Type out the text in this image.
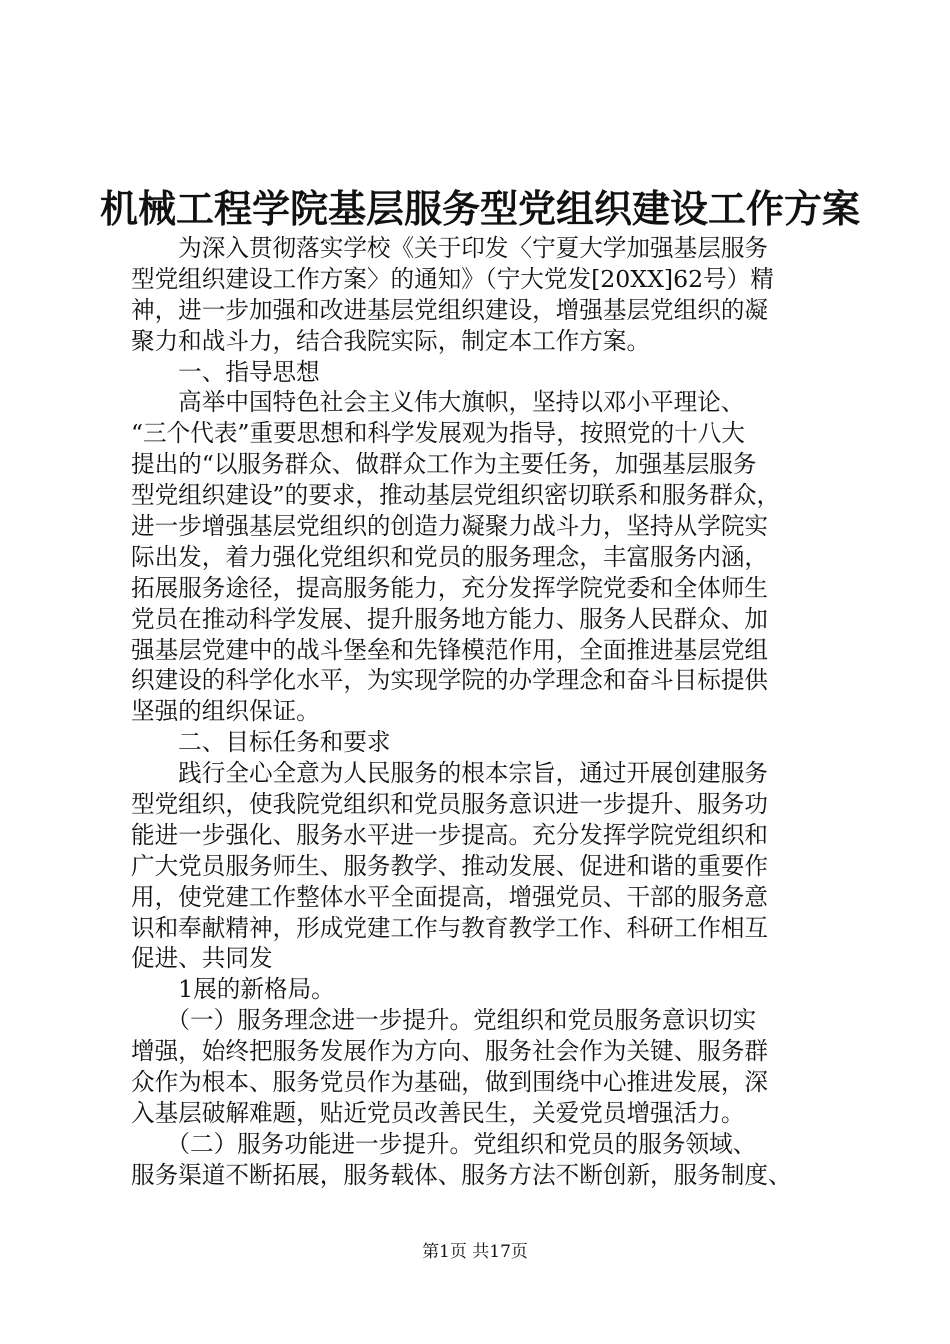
机械工程学院基层服务型党组织建设工作方案
　　为深入贯彻落实学校《关于印发〈宁夏大学加强基层服务
型党组织建设工作方案〉的通知》（宁大党发[20XX]62号）精
神，进一步加强和改进基层党组织建设，增强基层党组织的凝
聚力和战斗力，结合我院实际，制定本工作方案。
　　一、指导思想
　　高举中国特色社会主义伟大旗帜，坚持以邓小平理论、
“三个代表”重要思想和科学发展观为指导，按照党的十八大
提出的“以服务群众、做群众工作为主要任务，加强基层服务
型党组织建设”的要求，推动基层党组织密切联系和服务群众，
进一步增强基层党组织的创造力凝聚力战斗力，坚持从学院实
际出发，着力强化党组织和党员的服务理念，丰富服务内涵，
拓展服务途径，提高服务能力，充分发挥学院党委和全体师生
党员在推动科学发展、提升服务地方能力、服务人民群众、加
强基层党建中的战斗堡垒和先锋模范作用，全面推进基层党组
织建设的科学化水平，为实现学院的办学理念和奋斗目标提供
坚强的组织保证。
　　二、目标任务和要求
　　践行全心全意为人民服务的根本宗旨，通过开展创建服务
型党组织，使我院党组织和党员服务意识进一步提升、服务功
能进一步强化、服务水平进一步提高。充分发挥学院党组织和
广大党员服务师生、服务教学、推动发展、促进和谐的重要作
用，使党建工作整体水平全面提高，增强党员、干部的服务意
识和奉献精神，形成党建工作与教育教学工作、科研工作相互
促进、共同发
　　1展的新格局。
　　（一）服务理念进一步提升。党组织和党员服务意识切实
增强，始终把服务发展作为方向、服务社会作为关键、服务群
众作为根本、服务党员作为基础，做到围绕中心推进发展，深
入基层破解难题，贴近党员改善民生，关爱党员增强活力。
　　（二）服务功能进一步提升。党组织和党员的服务领域、
服务渠道不断拓展，服务载体、服务方法不断创新，服务制度、
第1页 共17页
